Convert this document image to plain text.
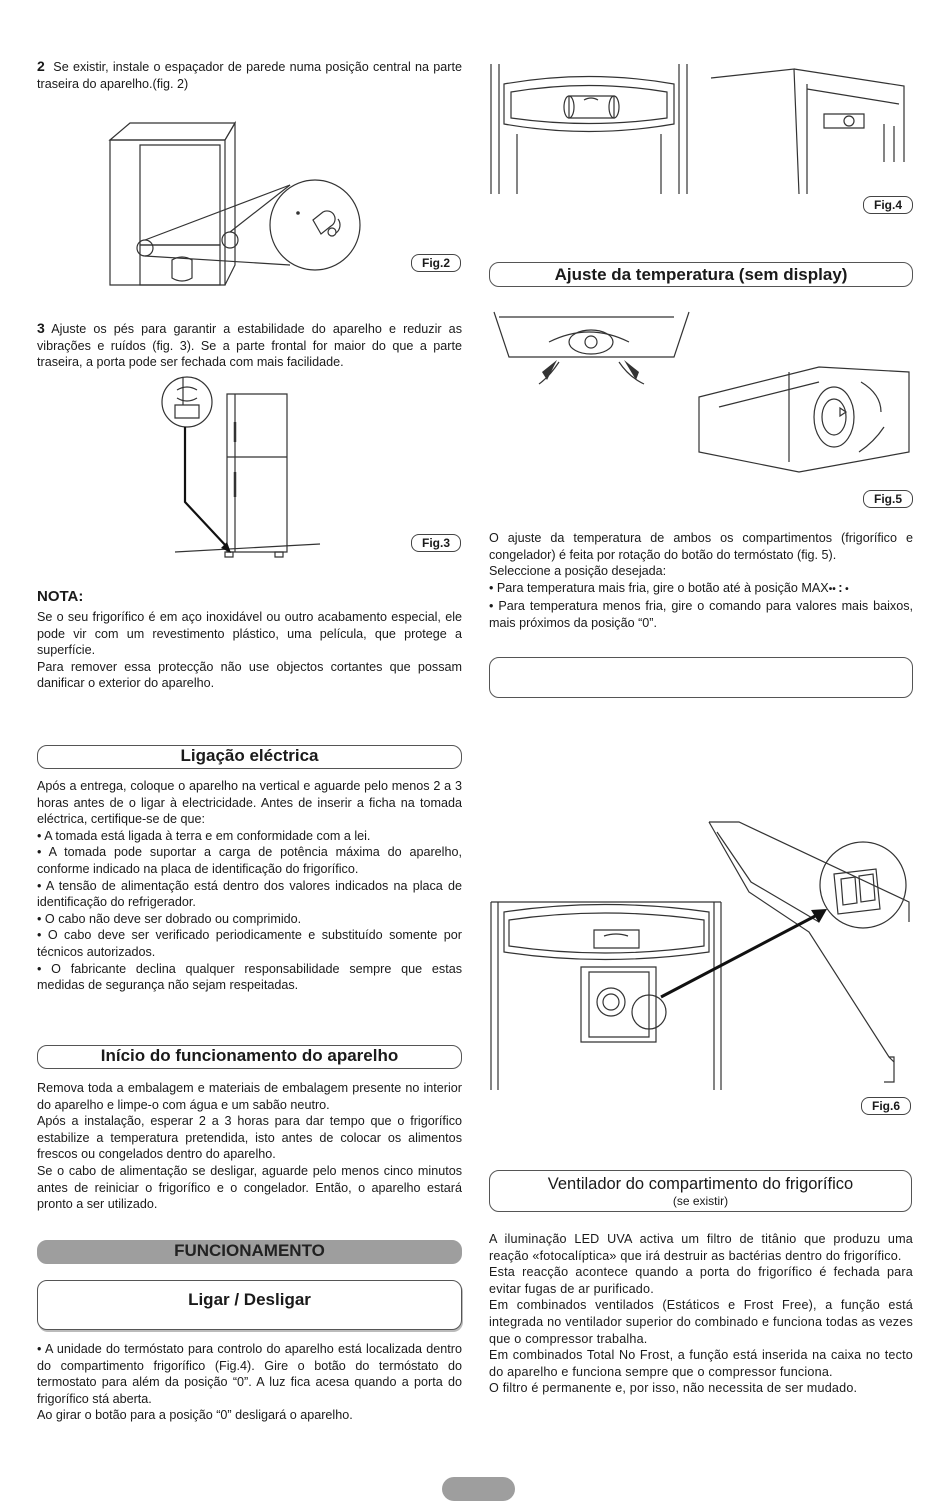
2 Se existir, instale o espaçador de parede numa posição central na parte traseira do aparelho.(fig. 2)
Fig.2
3 Ajuste os pés para garantir a estabilidade do aparelho e reduzir as vibrações e ruídos (fig. 3). Se a parte frontal for maior do que a parte traseira, a porta pode ser fechada com mais facilidade.
Fig.3

NOTA:

Se o seu frigorífico é em aço inoxidável ou outro acabamento especial, ele pode vir com um revestimento plástico, uma película, que protege a superfície.

Para remover essa protecção não use objectos cortantes que possam danificar o exterior do aparelho.

Ligação eléctrica

Após a entrega, coloque o aparelho na vertical e aguarde pelo menos 2 a 3 horas antes de o ligar à electricidade. Antes de inserir a ficha na tomada eléctrica, certifique-se de que:

• A tomada está ligada à terra e em conformidade com a lei.

• A tomada pode suportar a carga de potência máxima do aparelho, conforme indicado na placa de identificação do frigorífico.

• A tensão de alimentação está dentro dos valores indicados na placa de identificação do refrigerador.

• O cabo não deve ser dobrado ou comprimido.

• O cabo deve ser verificado periodicamente e substituído somente por técnicos autorizados.

• O fabricante declina qualquer responsabilidade sempre que estas medidas de segurança não sejam respeitadas.

Início do funcionamento do aparelho

Remova toda a embalagem e materiais de embalagem presente no interior do aparelho e limpe-o com água e um sabão neutro.

Após a instalação, esperar 2 a 3 horas para dar tempo que o frigorífico estabilize a temperatura pretendida, isto antes de colocar os alimentos frescos ou congelados dentro do aparelho.

Se o cabo de alimentação se desligar, aguarde pelo menos cinco minutos antes de reiniciar o frigorífico e o congelador. Então, o aparelho estará pronto a ser utilizado.

FUNCIONAMENTO
Ligar / Desligar

• A unidade do termóstato para controlo do aparelho está localizada dentro do compartimento frigorífico (Fig.4). Gire o botão do termóstato do termostato para além da posição “0”. A luz fica acesa quando a porta do frigorífico stá aberta.

Ao girar o botão para a posição “0” desligará o aparelho.

Fig.4
Ajuste da temperatura (sem display)
Fig.5

O ajuste da temperatura de ambos os compartimentos (frigorífico e congelador) é feita por rotação do botão do termóstato (fig. 5).

Seleccione a posição desejada:

• Para temperatura mais fria, gire o botão até à posição MAX•• ⁚ •

• Para temperatura menos fria, gire o comando para valores mais baixos, mais próximos da posição “0”.

Fig.6
Ventilador do compartimento do frigorífico
(se existir)

A iluminação LED UVA activa um filtro de titânio que produzu uma reação «fotocalíptica» que irá destruir as bactérias dentro do frigorífico.

Esta reacção acontece quando a porta do frigorífico é fechada para evitar fugas de ar purificado.

Em combinados ventilados (Estáticos e Frost Free), a função está integrada no ventilador superior do combinado e funciona todas as vezes que o compressor trabalha.

Em combinados Total No Frost, a função está inserida na caixa no tecto do aparelho e funciona sempre que o compressor funciona.

O filtro é permanente e, por isso, não necessita de ser mudado.
